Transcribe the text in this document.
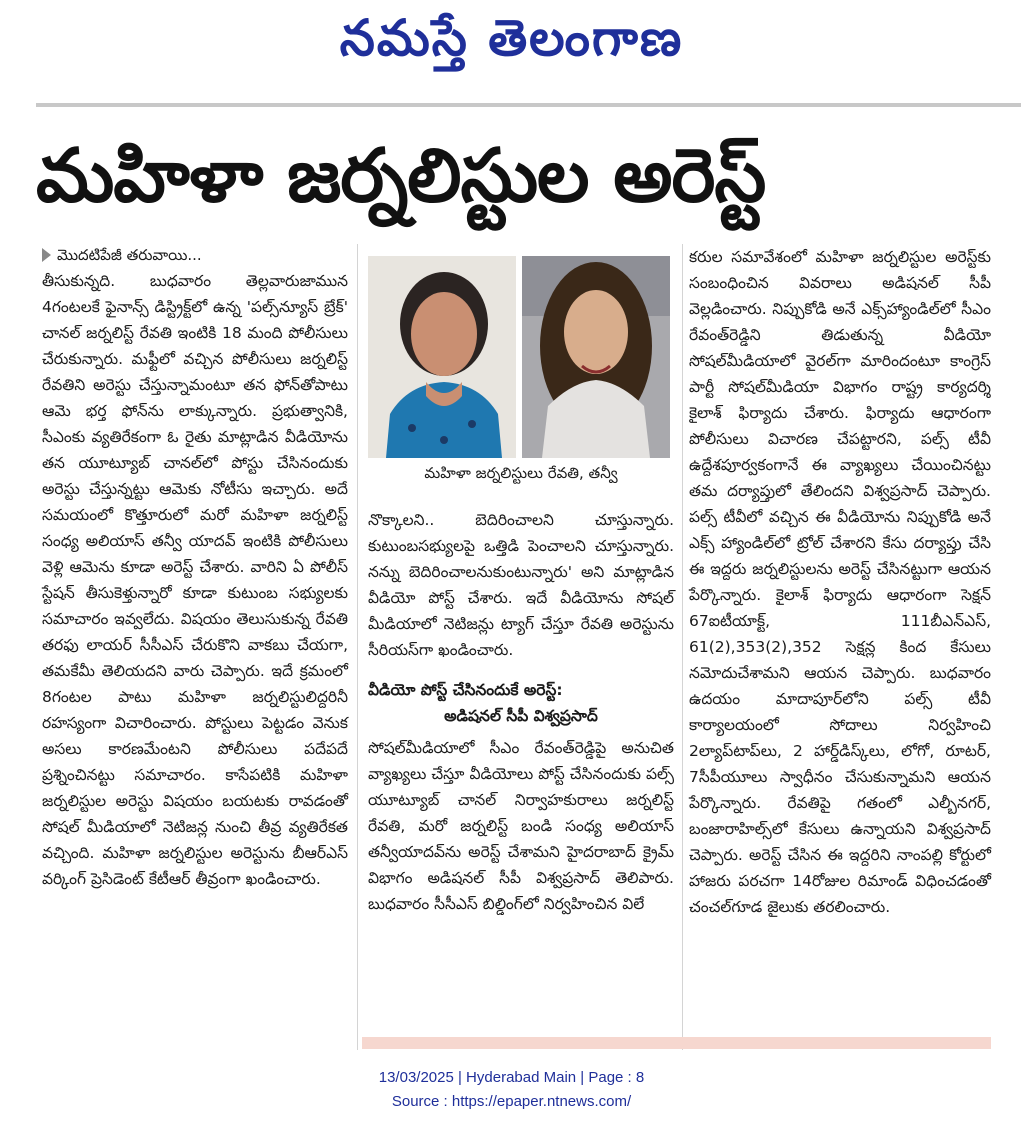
నమస్తే తెలంగాణ
మహిళా జర్నలిస్టుల అరెస్ట్
మొదటిపేజీ తరువాయి...

తీసుకున్నది. బుధవారం తెల్లవారుజామున 4గంటలకే ఫైనాన్స్ డిస్ట్రిక్ట్‌లో ఉన్న 'పల్స్‌న్యూస్ బ్రేక్' చానల్ జర్నలిస్ట్ రేవతి ఇంటికి 18 మంది పోలీసులు చేరుకున్నారు. మఫ్టీలో వచ్చిన పోలీసులు జర్నలిస్ట్ రేవతిని అరెస్టు చేస్తున్నామంటూ తన ఫోన్‌తోపాటు ఆమె భర్త ఫోన్‌ను లాక్కున్నారు. ప్రభుత్వానికి, సీఎంకు వ్యతిరేకంగా ఓ రైతు మాట్లాడిన వీడియోను తన యూట్యూబ్ చానల్‌లో పోస్టు చేసినందుకు అరెస్టు చేస్తున్నట్టు ఆమెకు నోటీసు ఇచ్చారు. అదే సమయంలో కొత్తూరులో మరో మహిళా జర్నలిస్ట్ సంధ్య అలియాస్ తన్వీ యాదవ్ ఇంటికి పోలీసులు వెళ్లి ఆమెను కూడా అరెస్ట్ చేశారు. వారిని ఏ పోలీస్ స్టేషన్ తీసుకెళ్తున్నారో కూడా కుటుంబ సభ్యులకు సమాచారం ఇవ్వలేదు. విషయం తెలుసుకున్న రేవతి తరఫు లాయర్ సీసీఎస్ చేరుకొని వాకబు చేయగా, తమకేమీ తెలియదని వారు చెప్పారు. ఇదే క్రమంలో 8గంటల పాటు మహిళా జర్నలిస్టులిద్దరినీ రహస్యంగా విచారించారు. పోస్టులు పెట్టడం వెనుక అసలు కారణమేంటని పోలీసులు పదేపదే ప్రశ్నించినట్టు సమాచారం. కాసేపటికి మహిళా జర్నలిస్టుల అరెస్టు విషయం బయటకు రావడంతో సోషల్ మీడియాలో నెటిజన్ల నుంచి తీవ్ర వ్యతిరేకత వచ్చింది. మహిళా జర్నలిస్టుల అరెస్టును బీఆర్‌ఎస్ వర్కింగ్ ప్రెసిడెంట్ కేటీఆర్ తీవ్రంగా ఖండించారు.

మహిళా జర్నలిస్టులు రేవతి, తన్వీ

నొక్కాలని.. బెదిరించాలని చూస్తున్నారు. కుటుంబసభ్యులపై ఒత్తిడి పెంచాలని చూస్తున్నారు. నన్ను బెదిరించాలనుకుంటున్నారు' అని మాట్లాడిన వీడియో పోస్ట్ చేశారు. ఇదే వీడియోను సోషల్ మీడియాలో నెటిజన్లు ట్యాగ్ చేస్తూ రేవతి అరెస్టును సీరియస్‌గా ఖండించారు.

వీడియో పోస్ట్ చేసినందుకే అరెస్ట్:
అడిషనల్ సీపీ విశ్వప్రసాద్

సోషల్‌మీడియాలో సీఎం రేవంత్‌రెడ్డిపై అనుచిత వ్యాఖ్యలు చేస్తూ వీడియోలు పోస్ట్ చేసినందుకు పల్స్ యూట్యూబ్ చానల్ నిర్వాహకురాలు జర్నలిస్ట్ రేవతి, మరో జర్నలిస్ట్ బండి సంధ్య అలియాస్ తన్వీయాదవ్‌ను అరెస్ట్ చేశామని హైదరాబాద్ క్రైమ్ విభాగం అడిషనల్ సీపీ విశ్వప్రసాద్ తెలిపారు. బుధవారం సీసీఎస్ బిల్డింగ్‌లో నిర్వహించిన విలే

కరుల సమావేశంలో మహిళా జర్నలిస్టుల అరెస్ట్‌కు సంబంధించిన వివరాలు అడిషనల్ సీపీ వెల్లడించారు. నిప్పుకోడి అనే ఎక్స్‌హ్యాండిల్‌లో సీఎం రేవంత్‌రెడ్డిని తిడుతున్న వీడియో సోషల్‌మీడియాలో వైరల్‌గా మారిందంటూ కాంగ్రెస్ పార్టీ సోషల్‌మీడియా విభాగం రాష్ట్ర కార్యదర్శి కైలాశ్ ఫిర్యాదు చేశారు. ఫిర్యాదు ఆధారంగా పోలీసులు విచారణ చేపట్టారని, పల్స్ టీవీ ఉద్దేశపూర్వకంగానే ఈ వ్యాఖ్యలు చేయించినట్టు తమ దర్యాప్తులో తేలిందని విశ్వప్రసాద్ చెప్పారు. పల్స్ టీవీలో వచ్చిన ఈ వీడియోను నిప్పుకోడి అనే ఎక్స్ హ్యాండిల్‌లో ట్రోల్ చేశారని కేసు దర్యాప్తు చేసి ఈ ఇద్దరు జర్నలిస్టులను అరెస్ట్ చేసినట్టుగా ఆయన పేర్కొన్నారు. కైలాశ్ ఫిర్యాదు ఆధారంగా సెక్షన్ 67ఐటీయాక్ట్, 111బీఎన్ఎస్, 61(2),353(2),352 సెక్షన్ల కింద కేసులు నమోదుచేశామని ఆయన చెప్పారు. బుధవారం ఉదయం మాదాపూర్‌లోని పల్స్ టీవీ కార్యాలయంలో సోదాలు నిర్వహించి 2ల్యాప్‌టాప్‌లు, 2 హార్డ్‌డిస్క్‌లు, లోగో, రూటర్, 7సీపీయూలు స్వాధీనం చేసుకున్నామని ఆయన పేర్కొన్నారు. రేవతిపై గతంలో ఎల్బీనగర్, బంజారాహిల్స్‌లో కేసులు ఉన్నాయని విశ్వప్రసాద్ చెప్పారు. అరెస్ట్ చేసిన ఈ ఇద్దరిని నాంపల్లి కోర్టులో హాజరు పరచగా 14రోజుల రిమాండ్ విధించడంతో చంచల్‌గూడ జైలుకు తరలించారు.

13/03/2025 | Hyderabad Main | Page : 8
Source : https://epaper.ntnews.com/
